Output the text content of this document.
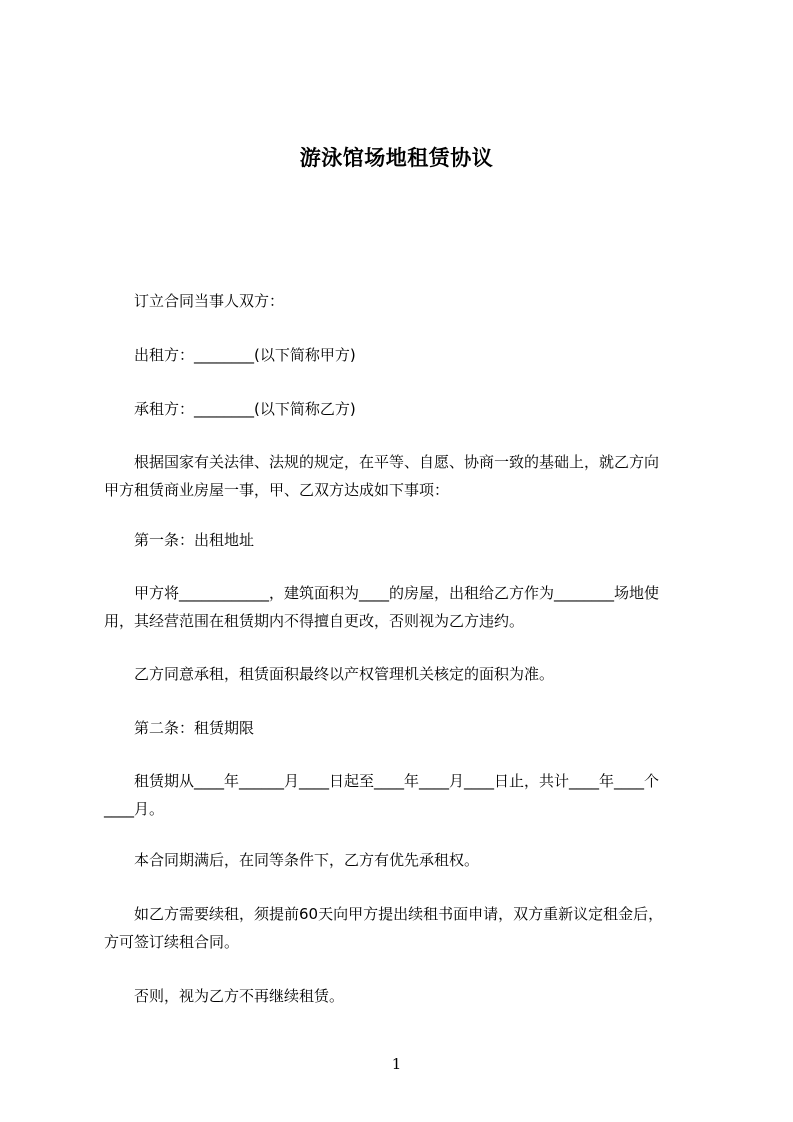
游泳馆场地租赁协议
　　订立合同当事人双方：
　　出租方：________(以下简称甲方)
　　承租方：________(以下简称乙方)
　　根据国家有关法律、法规的规定，在平等、自愿、协商一致的基础上，就乙方向
甲方租赁商业房屋一事，甲、乙双方达成如下事项：
　　第一条：出租地址
　　甲方将____________，建筑面积为____的房屋，出租给乙方作为________场地使
用，其经营范围在租赁期内不得擅自更改，否则视为乙方违约。
　　乙方同意承租，租赁面积最终以产权管理机关核定的面积为准。
　　第二条：租赁期限
　　租赁期从____年______月____日起至____年____月____日止，共计____年____个
____月。
　　本合同期满后，在同等条件下，乙方有优先承租权。
　　如乙方需要续租，须提前60天向甲方提出续租书面申请，双方重新议定租金后，
方可签订续租合同。
　　否则，视为乙方不再继续租赁。
1
